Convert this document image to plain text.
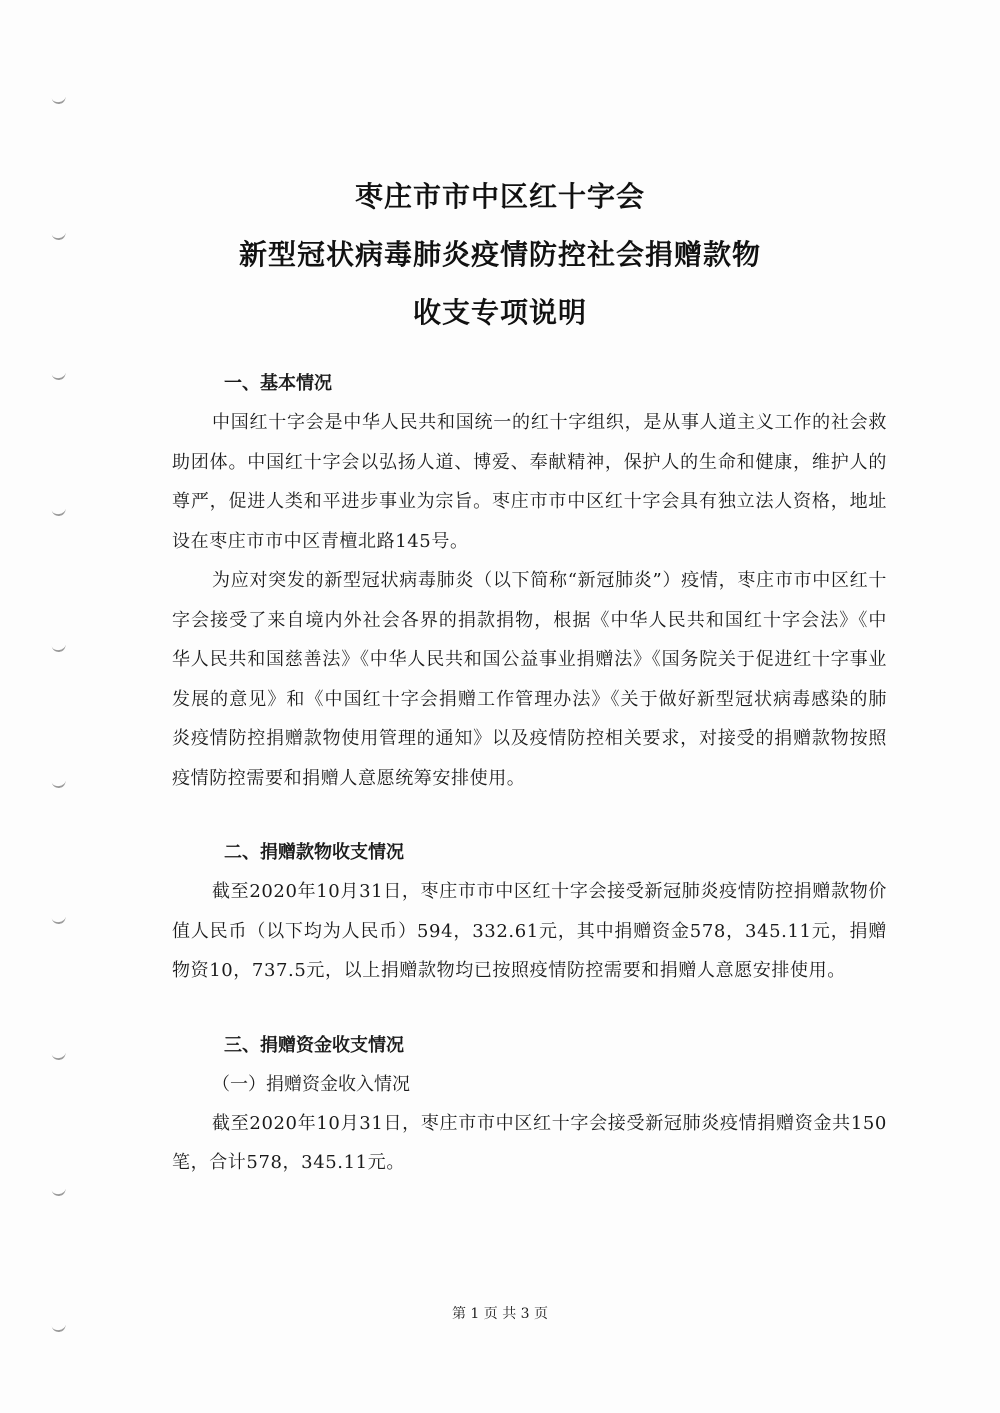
枣庄市市中区红十字会
新型冠状病毒肺炎疫情防控社会捐赠款物
收支专项说明

一、基本情况

中国红十字会是中华人民共和国统一的红十字组织，是从事人道主义工作的社会救助团体。中国红十字会以弘扬人道、博爱、奉献精神，保护人的生命和健康，维护人的尊严，促进人类和平进步事业为宗旨。枣庄市市中区红十字会具有独立法人资格，地址设在枣庄市市中区青檀北路145号。

为应对突发的新型冠状病毒肺炎（以下简称“新冠肺炎”）疫情，枣庄市市中区红十字会接受了来自境内外社会各界的捐款捐物，根据《中华人民共和国红十字会法》《中华人民共和国慈善法》《中华人民共和国公益事业捐赠法》《国务院关于促进红十字事业发展的意见》和《中国红十字会捐赠工作管理办法》《关于做好新型冠状病毒感染的肺炎疫情防控捐赠款物使用管理的通知》以及疫情防控相关要求，对接受的捐赠款物按照疫情防控需要和捐赠人意愿统筹安排使用。

二、捐赠款物收支情况

截至2020年10月31日，枣庄市市中区红十字会接受新冠肺炎疫情防控捐赠款物价值人民币（以下均为人民币）594，332.61元，其中捐赠资金578，345.11元，捐赠物资10，737.5元，以上捐赠款物均已按照疫情防控需要和捐赠人意愿安排使用。

三、捐赠资金收支情况

（一）捐赠资金收入情况

截至2020年10月31日，枣庄市市中区红十字会接受新冠肺炎疫情捐赠资金共150笔，合计578，345.11元。

第 1 页 共 3 页
